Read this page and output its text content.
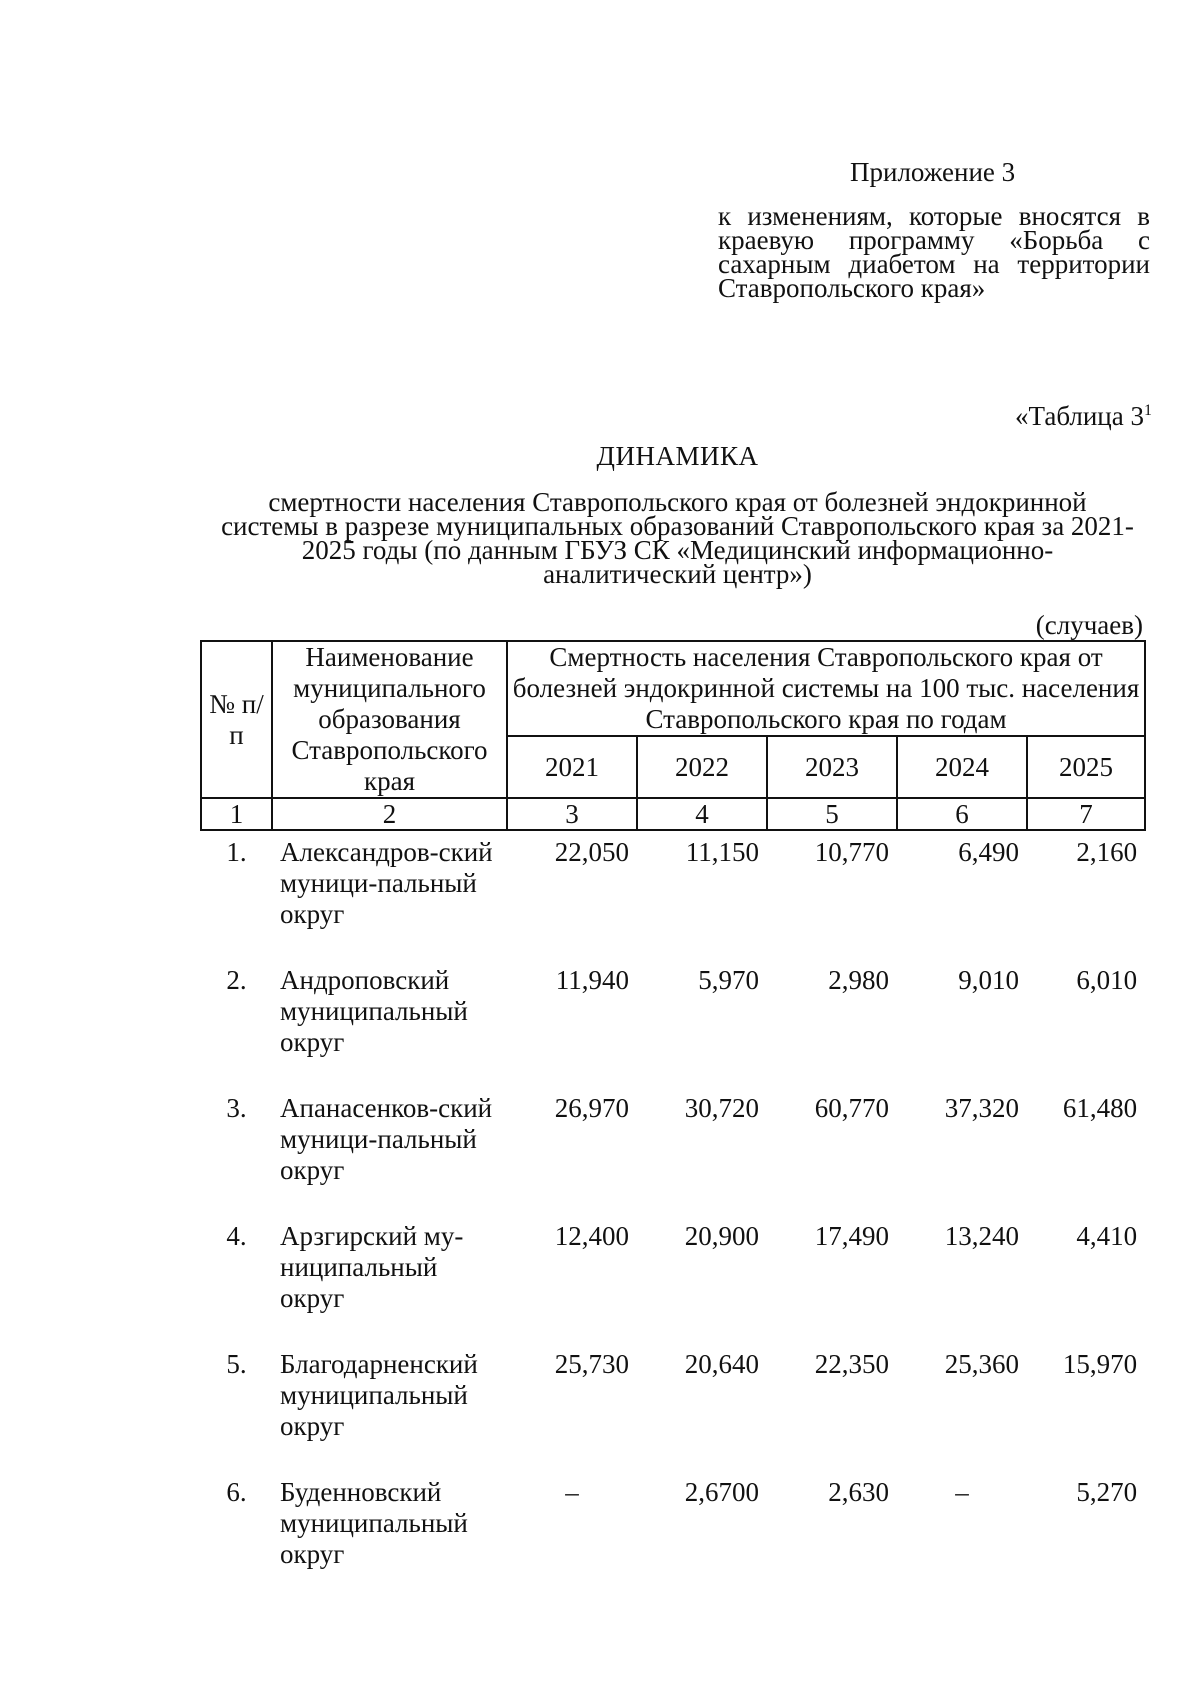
Приложение 3
к изменениям, которые вносятся в краевую программу «Борьба с сахарным диабетом на территории Ставропольского края»
«Таблица $3^1$
ДИНАМИКА
смертности населения Ставропольского края от болезней эндокринной системы в разрезе муниципальных образований Ставропольского края за 2021-2025 годы (по данным ГБУЗ СК «Медицинский информационно-аналитический центр»)
(случаев)
№ п/п	Наименование муниципального образования Ставропольского края	Смертность населения Ставропольского края от болезней эндокринной системы на 100 тыс. населения Ставропольского края по годам				
		2021	2022	2023	2024	2025
1	2	3	4	5	6	7
1.	Александров-ский муници-пальный округ	22,050	11,150	10,770	6,490	2,160
2.	Андроповский муниципальный округ	11,940	5,970	2,980	9,010	6,010
3.	Апанасенков-ский муници-пальный округ	26,970	30,720	60,770	37,320	61,480
4.	Арзгирский му-ниципальный округ	12,400	20,900	17,490	13,240	4,410
5.	Благодарненский муниципальный округ	25,730	20,640	22,350	25,360	15,970
6.	Буденновский муниципальный округ	–	2,6700	2,630	–	5,270
